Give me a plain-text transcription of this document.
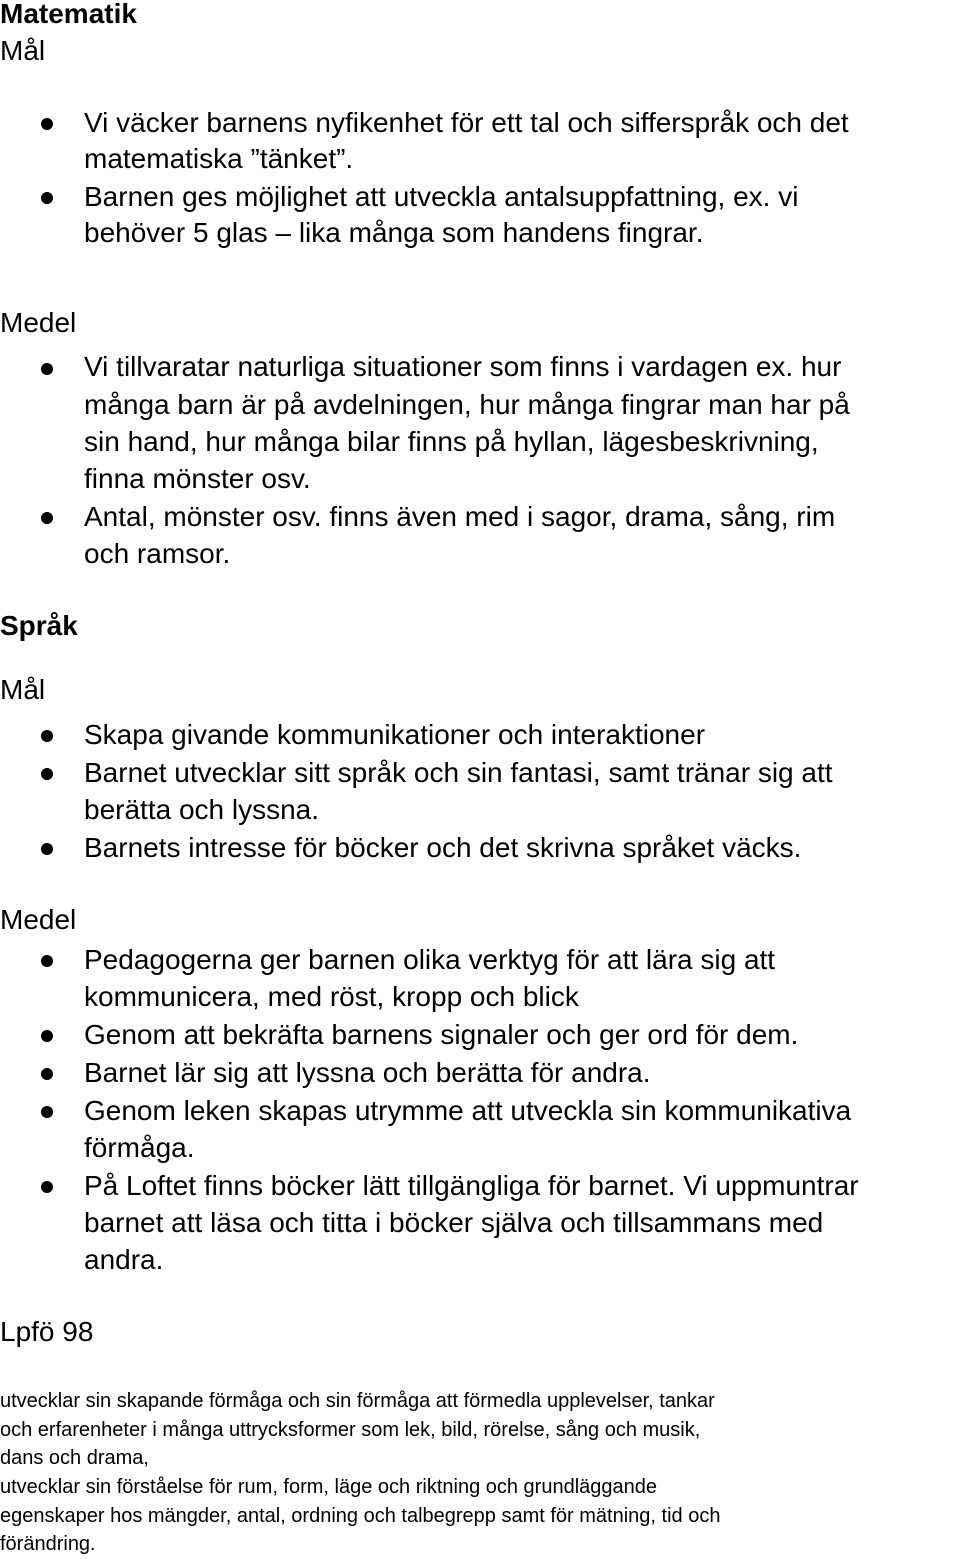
Matematik
Mål
Vi väcker barnens nyfikenhet för ett tal och sifferspråk och det
matematiska ”tänket”.
Barnen ges möjlighet att utveckla antalsuppfattning, ex. vi
behöver 5 glas – lika många som handens fingrar.
Medel
Vi tillvaratar naturliga situationer som finns i vardagen ex. hur
många barn är på avdelningen, hur många fingrar man har på
sin hand, hur många bilar finns på hyllan, lägesbeskrivning,
finna mönster osv.
Antal, mönster osv. finns även med i sagor, drama, sång, rim
och ramsor.
Språk
Mål
Skapa givande kommunikationer och interaktioner
Barnet utvecklar sitt språk och sin fantasi, samt tränar sig att
berätta och lyssna.
Barnets intresse för böcker och det skrivna språket väcks.
Medel
Pedagogerna ger barnen olika verktyg för att lära sig att
kommunicera, med röst, kropp och blick
Genom att bekräfta barnens signaler och ger ord för dem.
Barnet lär sig att lyssna och berätta för andra.
Genom leken skapas utrymme att utveckla sin kommunikativa
förmåga.
På Loftet finns böcker lätt tillgängliga för barnet. Vi uppmuntrar
barnet att läsa och titta i böcker själva och tillsammans med
andra.
Lpfö 98
utvecklar sin skapande förmåga och sin förmåga att förmedla upplevelser, tankar
och erfarenheter i många uttrycksformer som lek, bild, rörelse, sång och musik,
dans och drama,
utvecklar sin förståelse för rum, form, läge och riktning och grundläggande
egenskaper hos mängder, antal, ordning och talbegrepp samt för mätning, tid och
förändring.
